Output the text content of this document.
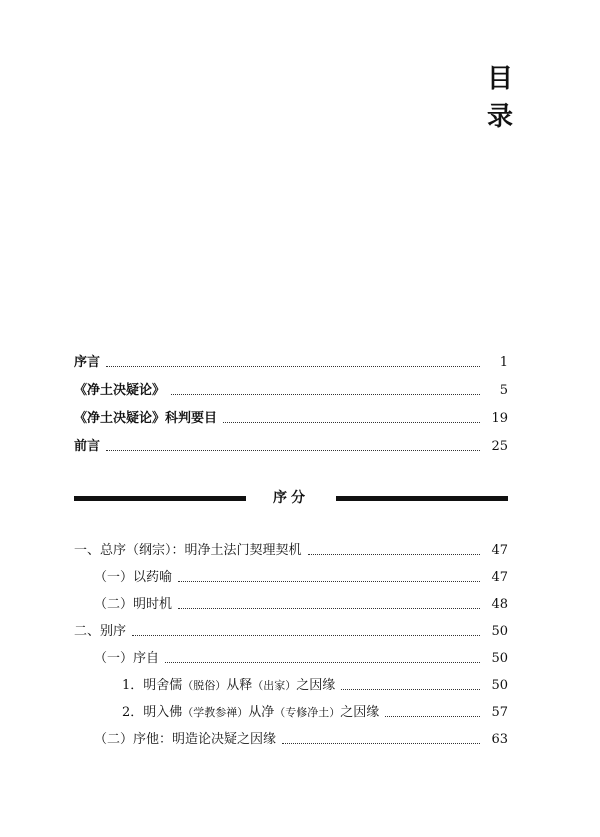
目
录
序言	1
《净土决疑论》	5
《净土决疑论》科判要目	19
前言	25
序分
一、总序（纲宗）：明净土法门契理契机	47
（一）以药喻	47
（二）明时机	48
二、别序	50
（一）序自	50
1．明舍儒（脱俗）从释（出家）之因缘	50
2．明入佛（学教参禅）从净（专修净土）之因缘	57
（二）序他：明造论决疑之因缘	63
